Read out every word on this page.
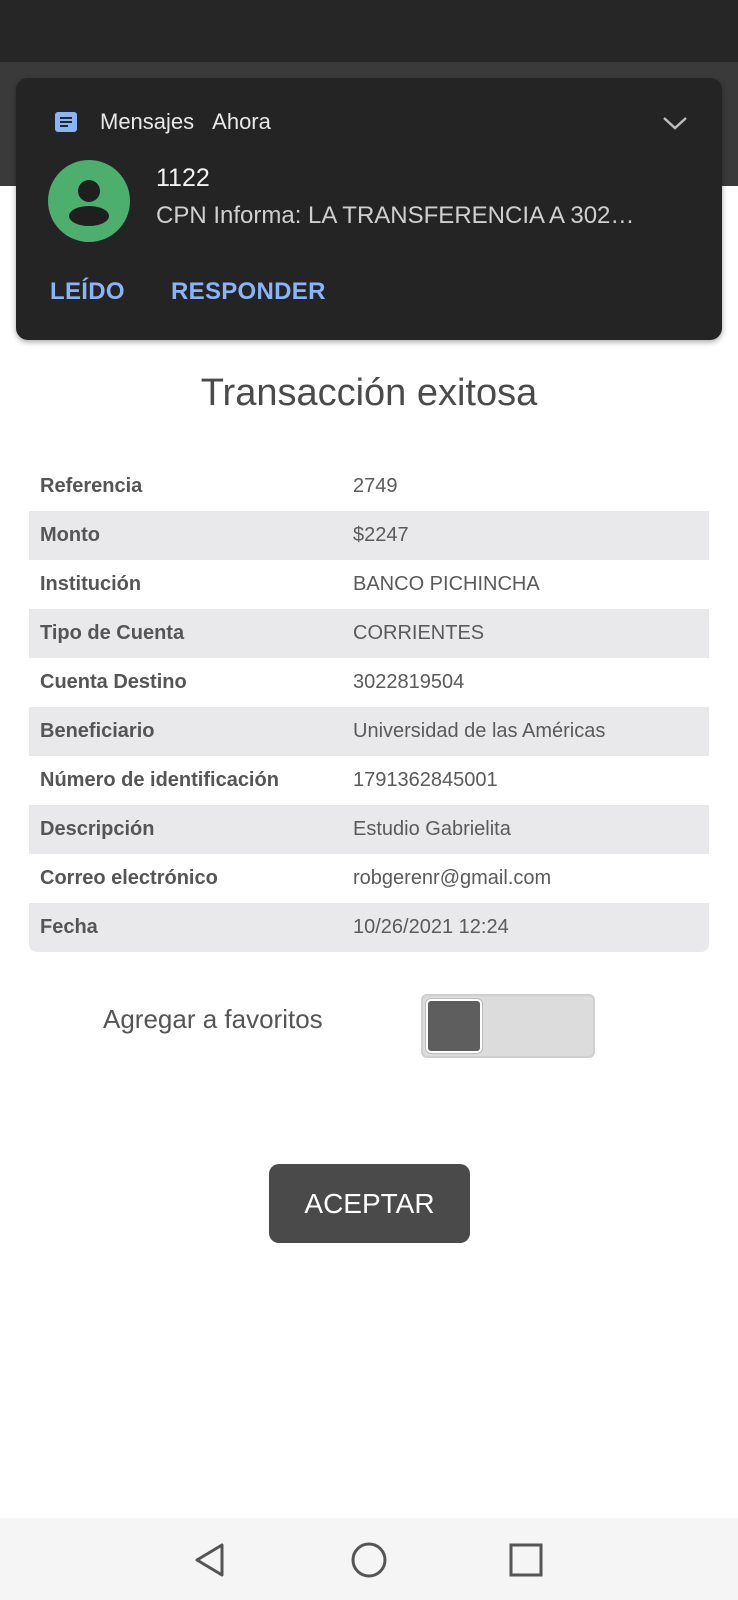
Mensajes Ahora
1122
CPN Informa: LA TRANSFERENCIA A 302…
LEÍDO RESPONDER
Transacción exitosa
Referencia	2749
Monto	$2247
Institución	BANCO PICHINCHA
Tipo de Cuenta	CORRIENTES
Cuenta Destino	3022819504
Beneficiario	Universidad de las Américas
Número de identificación	1791362845001
Descripción	Estudio Gabrielita
Correo electrónico	robgerenr@gmail.com
Fecha	10/26/2021 12:24
Agregar a favoritos
ACEPTAR
